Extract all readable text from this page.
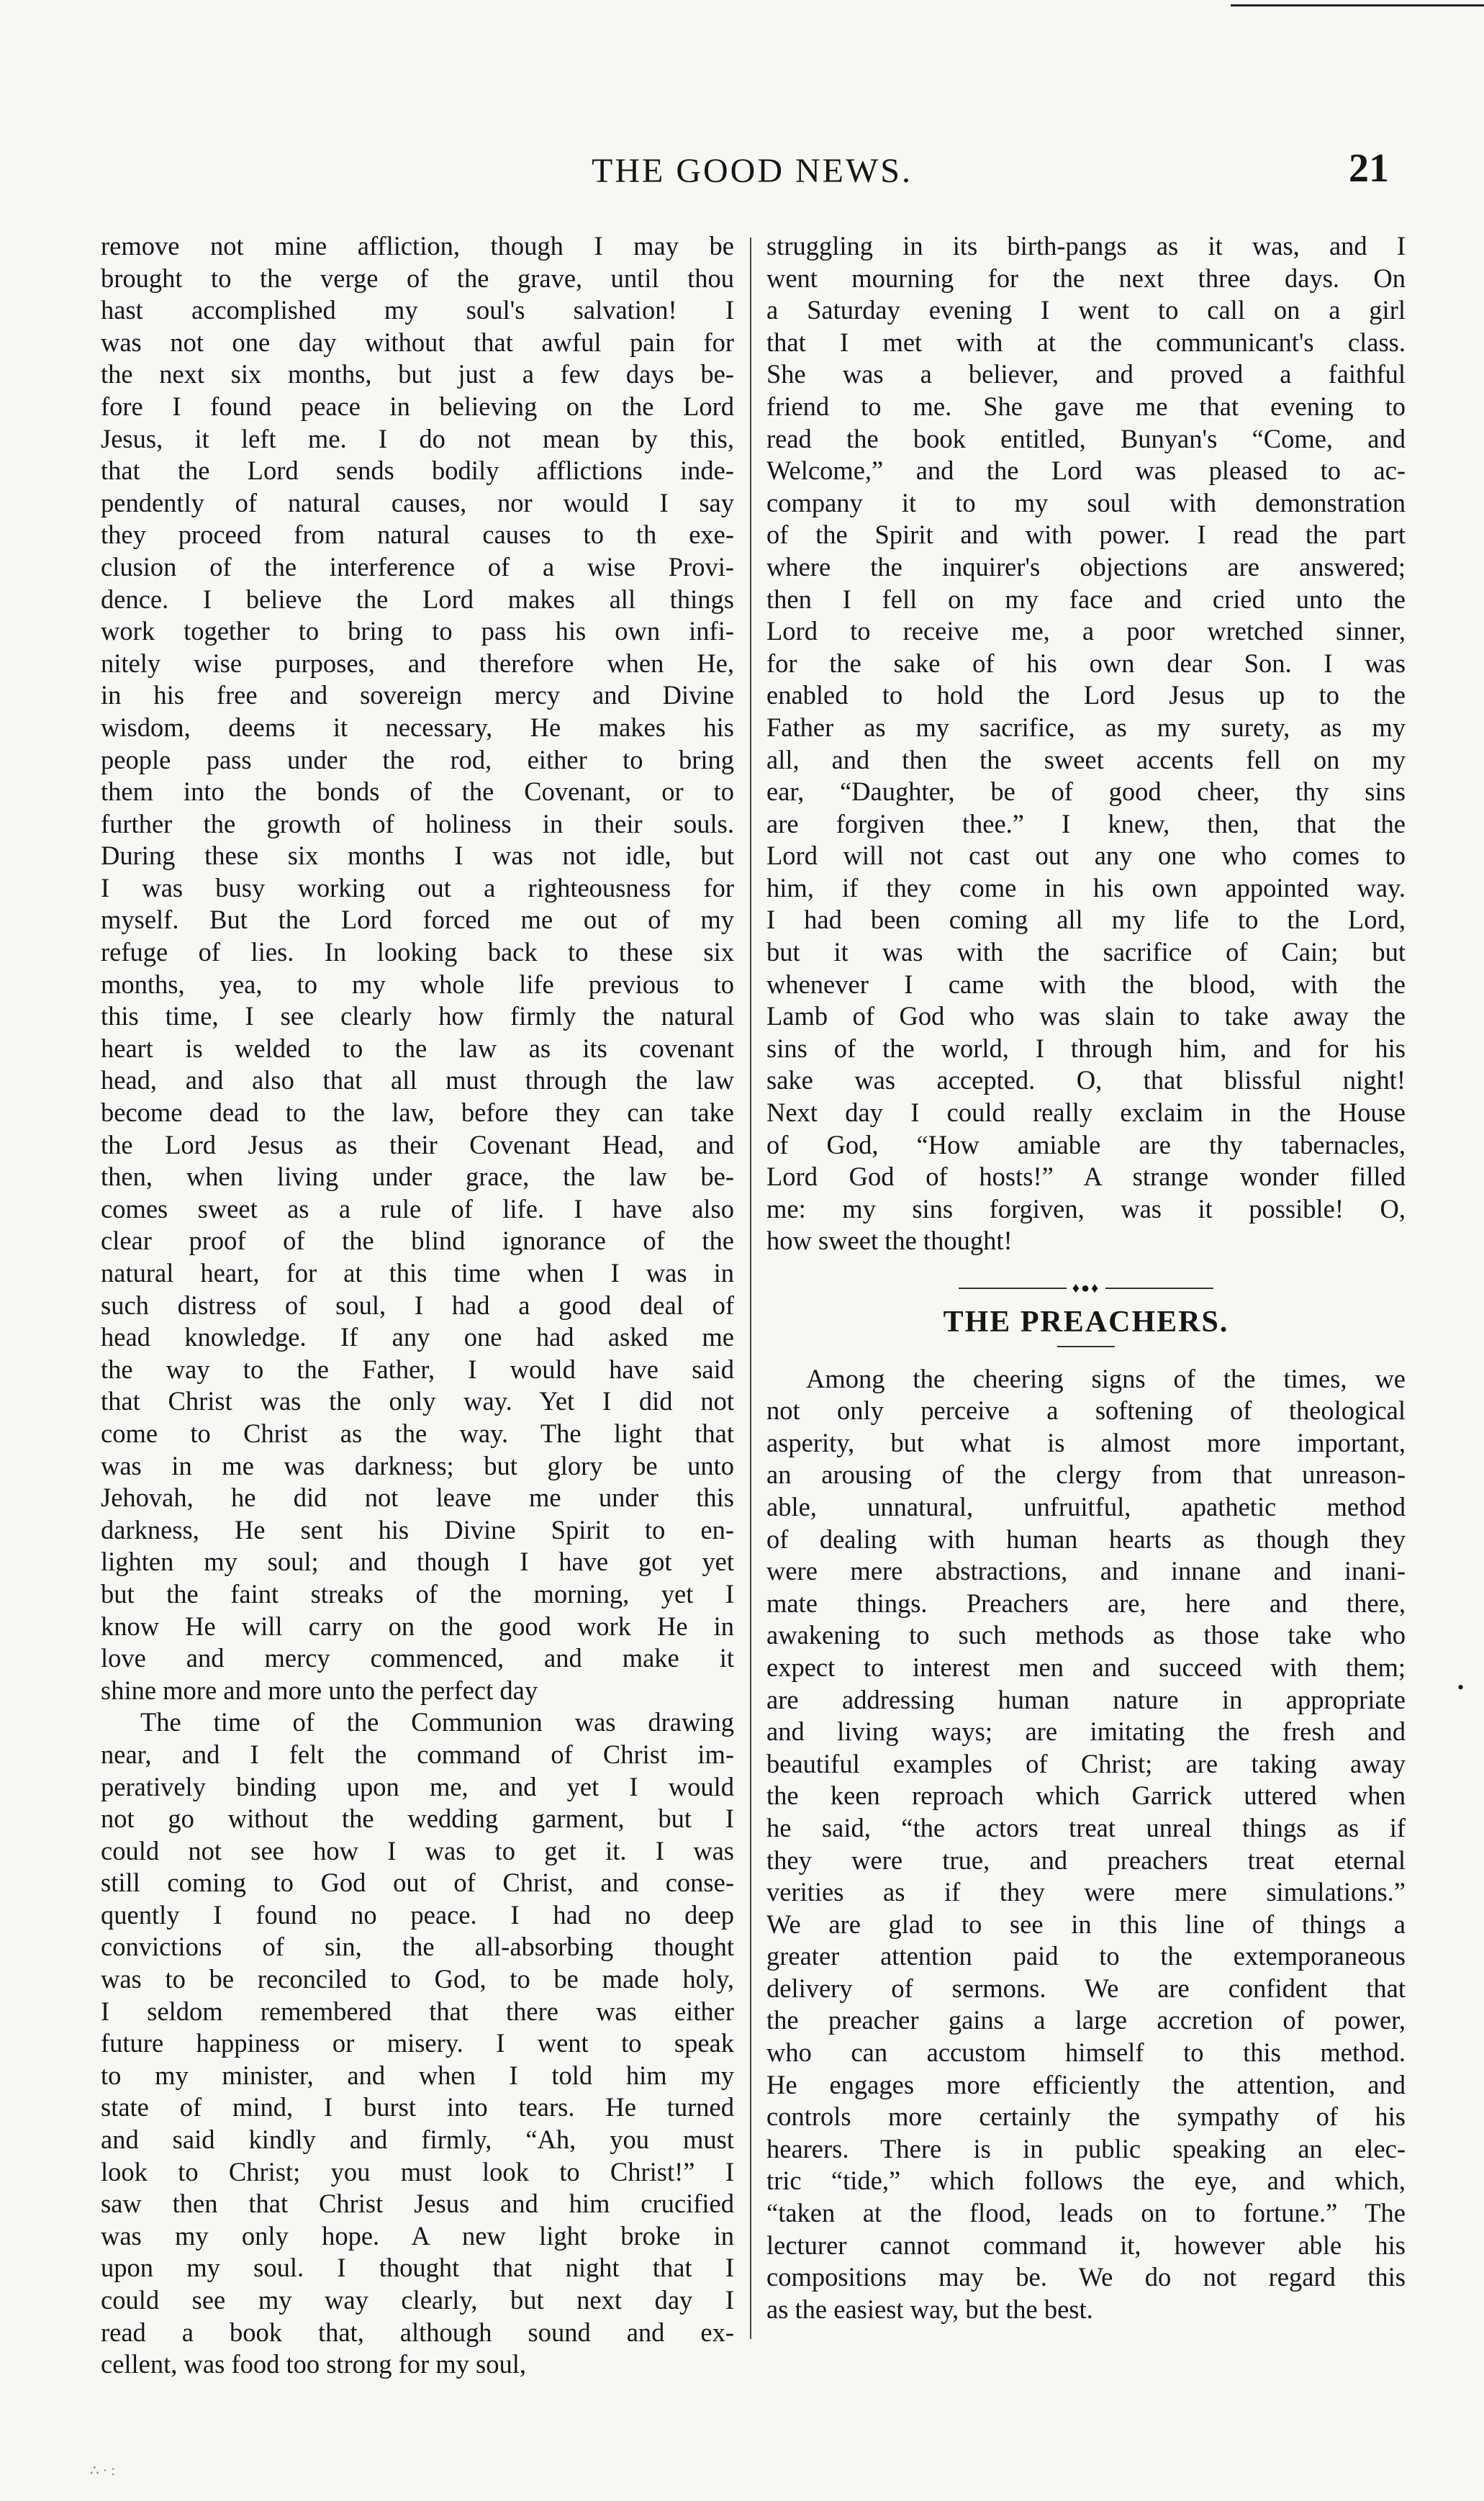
THE GOOD NEWS.	21
remove not mine affliction, though I may be
brought to the verge of the grave, until thou
hast accomplished my soul's salvation! I
was not one day without that awful pain for
the next six months, but just a few days be-
fore I found peace in believing on the Lord
Jesus, it left me. I do not mean by this,
that the Lord sends bodily afflictions inde-
pendently of natural causes, nor would I say
they proceed from natural causes to th exe-
clusion of the interference of a wise Provi-
dence. I believe the Lord makes all things
work together to bring to pass his own infi-
nitely wise purposes, and therefore when He,
in his free and sovereign mercy and Divine
wisdom, deems it necessary, He makes his
people pass under the rod, either to bring
them into the bonds of the Covenant, or to
further the growth of holiness in their souls.
During these six months I was not idle, but
I was busy working out a righteousness for
myself. But the Lord forced me out of my
refuge of lies. In looking back to these six
months, yea, to my whole life previous to
this time, I see clearly how firmly the natural
heart is welded to the law as its covenant
head, and also that all must through the law
become dead to the law, before they can take
the Lord Jesus as their Covenant Head, and
then, when living under grace, the law be-
comes sweet as a rule of life. I have also
clear proof of the blind ignorance of the
natural heart, for at this time when I was in
such distress of soul, I had a good deal of
head knowledge. If any one had asked me
the way to the Father, I would have said
that Christ was the only way. Yet I did not
come to Christ as the way. The light that
was in me was darkness; but glory be unto
Jehovah, he did not leave me under this
darkness, He sent his Divine Spirit to en-
lighten my soul; and though I have got yet
but the faint streaks of the morning, yet I
know He will carry on the good work He in
love and mercy commenced, and make it
shine more and more unto the perfect day
The time of the Communion was drawing
near, and I felt the command of Christ im-
peratively binding upon me, and yet I would
not go without the wedding garment, but I
could not see how I was to get it. I was
still coming to God out of Christ, and conse-
quently I found no peace. I had no deep
convictions of sin, the all-absorbing thought
was to be reconciled to God, to be made holy,
I seldom remembered that there was either
future happiness or misery. I went to speak
to my minister, and when I told him my
state of mind, I burst into tears. He turned
and said kindly and firmly, “Ah, you must
look to Christ; you must look to Christ!” I
saw then that Christ Jesus and him crucified
was my only hope. A new light broke in
upon my soul. I thought that night that I
could see my way clearly, but next day I
read a book that, although sound and ex-
cellent, was food too strong for my soul,
struggling in its birth-pangs as it was, and I
went mourning for the next three days. On
a Saturday evening I went to call on a girl
that I met with at the communicant's class.
She was a believer, and proved a faithful
friend to me. She gave me that evening to
read the book entitled, Bunyan's “Come, and
Welcome,” and the Lord was pleased to ac-
company it to my soul with demonstration
of the Spirit and with power. I read the part
where the inquirer's objections are answered;
then I fell on my face and cried unto the
Lord to receive me, a poor wretched sinner,
for the sake of his own dear Son. I was
enabled to hold the Lord Jesus up to the
Father as my sacrifice, as my surety, as my
all, and then the sweet accents fell on my
ear, “Daughter, be of good cheer, thy sins
are forgiven thee.” I knew, then, that the
Lord will not cast out any one who comes to
him, if they come in his own appointed way.
I had been coming all my life to the Lord,
but it was with the sacrifice of Cain; but
whenever I came with the blood, with the
Lamb of God who was slain to take away the
sins of the world, I through him, and for his
sake was accepted. O, that blissful night!
Next day I could really exclaim in the House
of God, “How amiable are thy tabernacles,
Lord God of hosts!” A strange wonder filled
me: my sins forgiven, was it possible! O,
how sweet the thought!
♦●♦
THE PREACHERS.
Among the cheering signs of the times, we
not only perceive a softening of theological
asperity, but what is almost more important,
an arousing of the clergy from that unreason-
able, unnatural, unfruitful, apathetic method
of dealing with human hearts as though they
were mere abstractions, and innane and inani-
mate things. Preachers are, here and there,
awakening to such methods as those take who
expect to interest men and succeed with them;
are addressing human nature in appropriate
and living ways; are imitating the fresh and
beautiful examples of Christ; are taking away
the keen reproach which Garrick uttered when
he said, “the actors treat unreal things as if
they were true, and preachers treat eternal
verities as if they were mere simulations.”
We are glad to see in this line of things a
greater attention paid to the extemporaneous
delivery of sermons. We are confident that
the preacher gains a large accretion of power,
who can accustom himself to this method.
He engages more efficiently the attention, and
controls more certainly the sympathy of his
hearers. There is in public speaking an elec-
tric “tide,” which follows the eye, and which,
“taken at the flood, leads on to fortune.” The
lecturer cannot command it, however able his
compositions may be. We do not regard this
as the easiest way, but the best.
∴ · :
•
